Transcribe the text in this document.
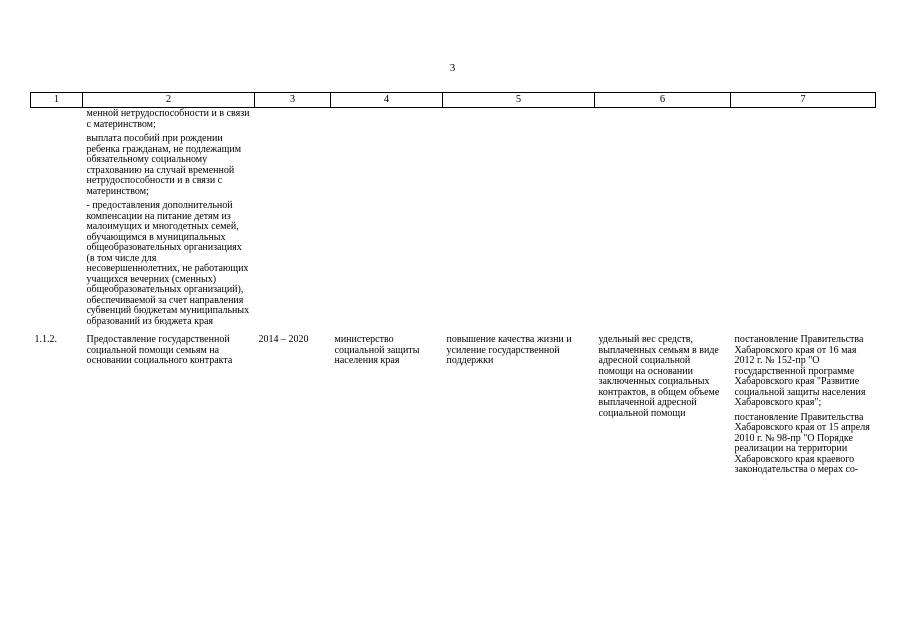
3
1	2	3	4	5	6	7

	менной нетрудоспособности и в связи с материнством;

выплата пособий при рождении ребенка гражданам, не подлежащим обязательному социальному страхованию на случай временной нетрудоспособности и в связи с материнством;

- предоставления дополнительной компенсации на питание детям из малоимущих и многодетных семей, обучающимся в муниципальных общеобразовательных организациях (в том числе для несовершеннолетних, не работающих учащихся вечерних (сменных) общеобразовательных организаций), обеспечиваемой за счет направления субвенций бюджетам муниципальных образований из бюджета края					

1.1.2.	Предоставление государственной социальной помощи семьям на основании социального контракта	2014 – 2020	министерство социальной защиты населения края	повышение качества жизни и усиление государственной поддержки	удельный вес средств, выплаченных семьям в виде адресной социальной помощи на основании заключенных социальных контрактов, в общем объеме выплаченной адресной социальной помощи	постановление Правительства Хабаровского края от 16 мая 2012 г. № 152-пр "О государственной программе Хабаровского края "Развитие социальной защиты населения Хабаровского края";

постановление Правительства Хабаровского края от 15 апреля 2010 г. № 98-пр "О Порядке реализации на территории Хабаровского края краевого законодательства о мерах со-
